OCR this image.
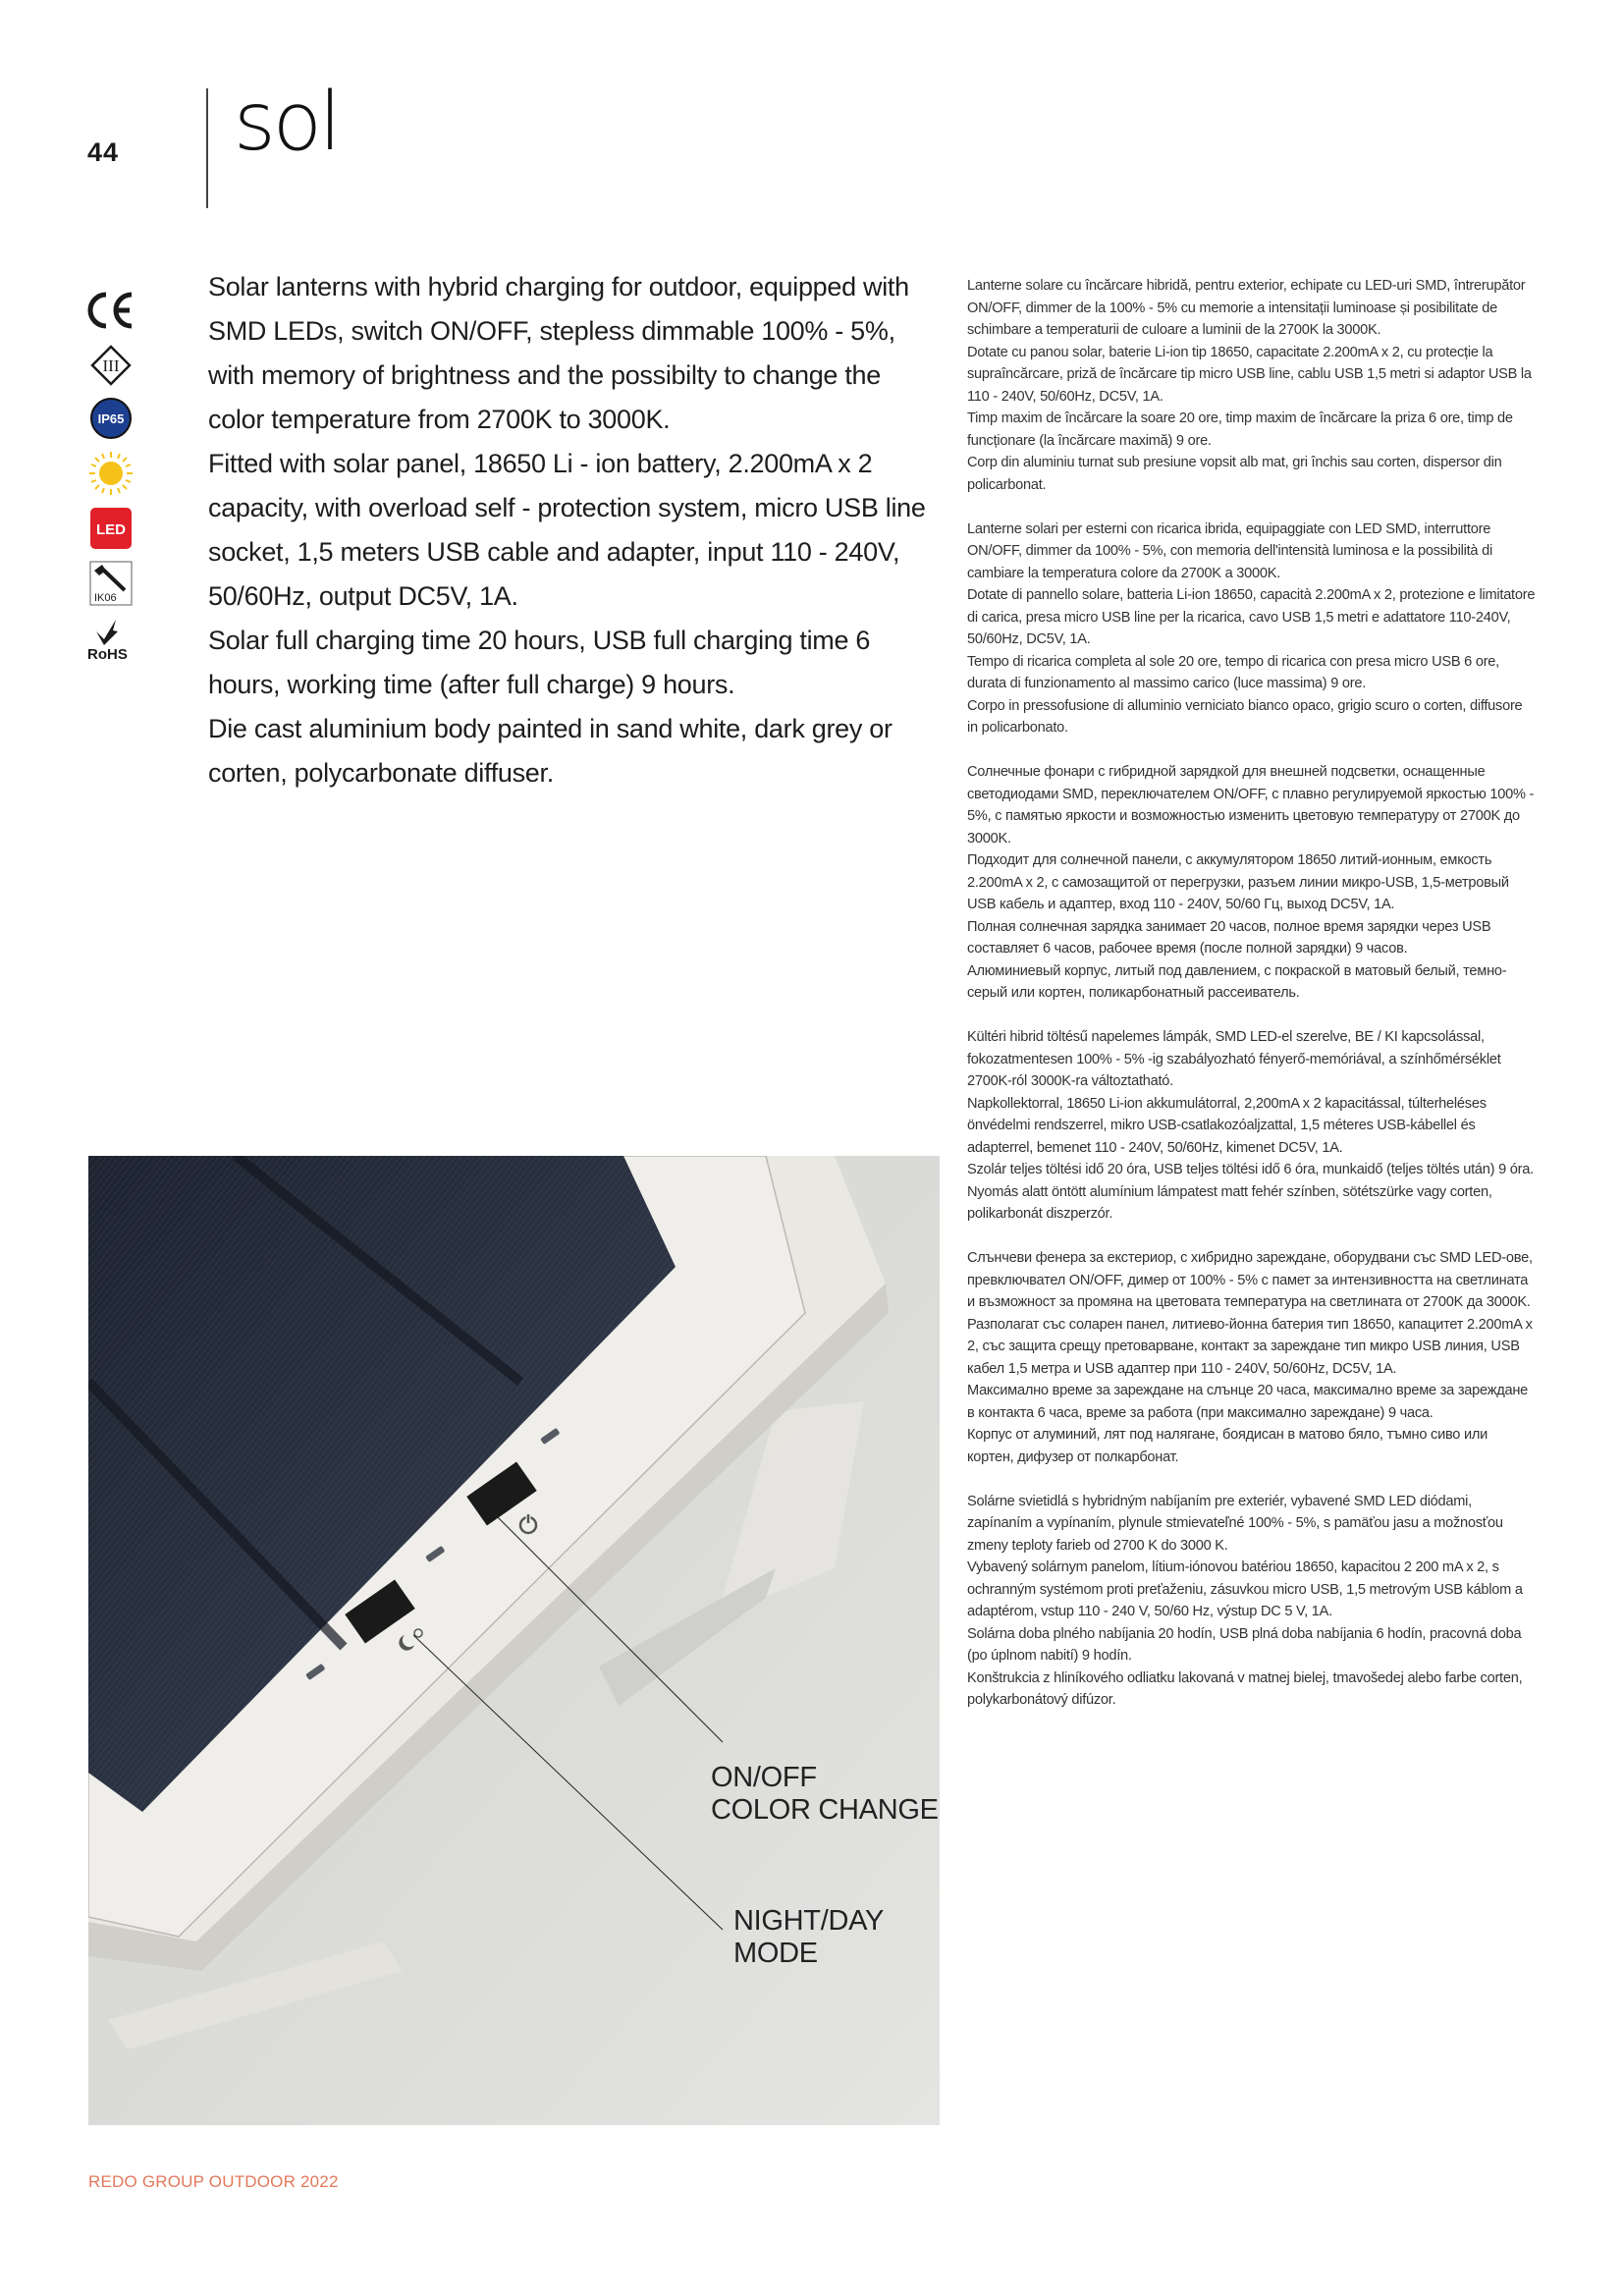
44 sol
III
IP65
LED
IK06
RoHS

Solar lanterns with hybrid charging for outdoor, equipped with SMD LEDs, switch ON/OFF, stepless dimmable 100% - 5%, with memory of brightness and the possibilty to change the color temperature from 2700K to 3000K.

Fitted with solar panel, 18650 Li - ion battery, 2.200mA x 2 capacity, with overload self - protection system, micro USB line socket, 1,5 meters USB cable and adapter, input 110 - 240V, 50/60Hz, output DC5V, 1A.

Solar full charging time 20 hours, USB full charging time 6 hours, working time (after full charge) 9 hours.

Die cast aluminium body painted in sand white, dark grey or corten, polycarbonate diffuser.

Lanterne solare cu încărcare hibridă, pentru exterior, echipate cu LED-uri SMD, întrerupător ON/OFF, dimmer de la 100% - 5% cu memorie a intensitații luminoase și posibilitate de schimbare a temperaturii de culoare a luminii de la 2700K la 3000K.

Dotate cu panou solar, baterie Li-ion tip 18650, capacitate 2.200mA x 2, cu protecție la supraîncărcare, priză de încărcare tip micro USB line, cablu USB 1,5 metri si adaptor USB la 110 - 240V, 50/60Hz, DC5V, 1A.

Timp maxim de încărcare la soare 20 ore, timp maxim de încărcare la priza 6 ore, timp de funcționare (la încărcare maximă) 9 ore.

Corp din aluminiu turnat sub presiune vopsit alb mat, gri închis sau corten, dispersor din policarbonat.

Lanterne solari per esterni con ricarica ibrida, equipaggiate con LED SMD, interruttore ON/OFF, dimmer da 100% - 5%, con memoria dell'intensità luminosa e la possibilità di cambiare la temperatura colore da 2700K a 3000K.

Dotate di pannello solare, batteria Li-ion 18650, capacità 2.200mA x 2, protezione e limitatore di carica, presa micro USB line per la ricarica, cavo USB 1,5 metri e adattatore 110-240V, 50/60Hz, DC5V, 1A.

Tempo di ricarica completa al sole 20 ore, tempo di ricarica con presa micro USB 6 ore, durata di funzionamento al massimo carico (luce massima) 9 ore.

Corpo in pressofusione di alluminio verniciato bianco opaco, grigio scuro o corten, diffusore in policarbonato.

Солнечные фонари с гибридной зарядкой для внешней подсветки, оснащенные светодиодами SMD, переключателем ON/OFF, с плавно регулируемой яркостью 100% - 5%, с памятью яркости и возможностью изменить цветовую температуру от 2700K до 3000K.

Подходит для солнечной панели, с аккумулятором 18650 литий-ионным, емкость 2.200mA x 2, с самозащитой от перегрузки, разъем линии микро-USB, 1,5-метровый USB кабель и адаптер, вход 110 - 240V, 50/60 Гц, выход DC5V, 1A.

Полная солнечная зарядка занимает 20 часов, полное время зарядки через USB составляет 6 часов, рабочее время (после полной зарядки) 9 часов.

Алюминиевый корпус, литый под давлением, с покраской в матовый белый, темно-серый или кортен, поликарбонатный рассеиватель.

Kültéri hibrid töltésű napelemes lámpák, SMD LED-el szerelve, BE / KI kapcsolással, fokozatmentesen 100% - 5% -ig szabályozható fényerő-memóriával, a színhőmérséklet 2700K-ról 3000K-ra változtatható.

Napkollektorral, 18650 Li-ion akkumulátorral, 2,200mA x 2 kapacitással, túlterheléses önvédelmi rendszerrel, mikro USB-csatlakozóaljzattal, 1,5 méteres USB-kábellel és adapterrel, bemenet 110 - 240V, 50/60Hz, kimenet DC5V, 1A.

Szolár teljes töltési idő 20 óra, USB teljes töltési idő 6 óra, munkaidő (teljes töltés után) 9 óra.

Nyomás alatt öntött alumínium lámpatest matt fehér színben, sötétszürke vagy corten, polikarbonát diszperzór.

Слънчеви фенера за екстериор, с хибридно зареждане, оборудвани със SMD LED-ове, превключвател ON/OFF, димер от 100% - 5% с памет за интензивността на светлината и възможност за промяна на цветовата температура на светлината от 2700K да 3000K.

Разполагат със соларен панел, литиево-йонна батерия тип 18650, капацитет 2.200mA x 2, със защита срещу претоварване, контакт за зареждане тип микро USB линия, USB кабел 1,5 метра и USB адаптер при 110 - 240V, 50/60Hz, DC5V, 1A.

Максимално време за зареждане на слънце 20 часа, максимално време за зареждане в контакта 6 часа, време за работа (при максимално зареждане) 9 часа.

Корпус от алуминий, лят под налягане, боядисан в матово бяло, тъмно сиво или кортен, дифузер от полкарбонат.

Solárne svietidlá s hybridným nabíjaním pre exteriér, vybavené SMD LED diódami, zapínaním a vypínaním, plynule stmievateľné 100% - 5%, s pamäťou jasu a možnosťou zmeny teploty farieb od 2700 K do 3000 K.

Vybavený solárnym panelom, lítium-iónovou batériou 18650, kapacitou 2 200 mA x 2, s ochranným systémom proti preťaženiu, zásuvkou micro USB, 1,5 metrovým USB káblom a adaptérom, vstup 110 - 240 V, 50/60 Hz, výstup DC 5 V, 1A.

Solárna doba plného nabíjania 20 hodín, USB plná doba nabíjania 6 hodín, pracovná doba (po úplnom nabití) 9 hodín.

Konštrukcia z hliníkového odliatku lakovaná v matnej bielej, tmavošedej alebo farbe corten, polykarbonátový difúzor.

ON/OFF
COLOR CHANGE
NIGHT/DAY
MODE
REDO GROUP OUTDOOR 2022
